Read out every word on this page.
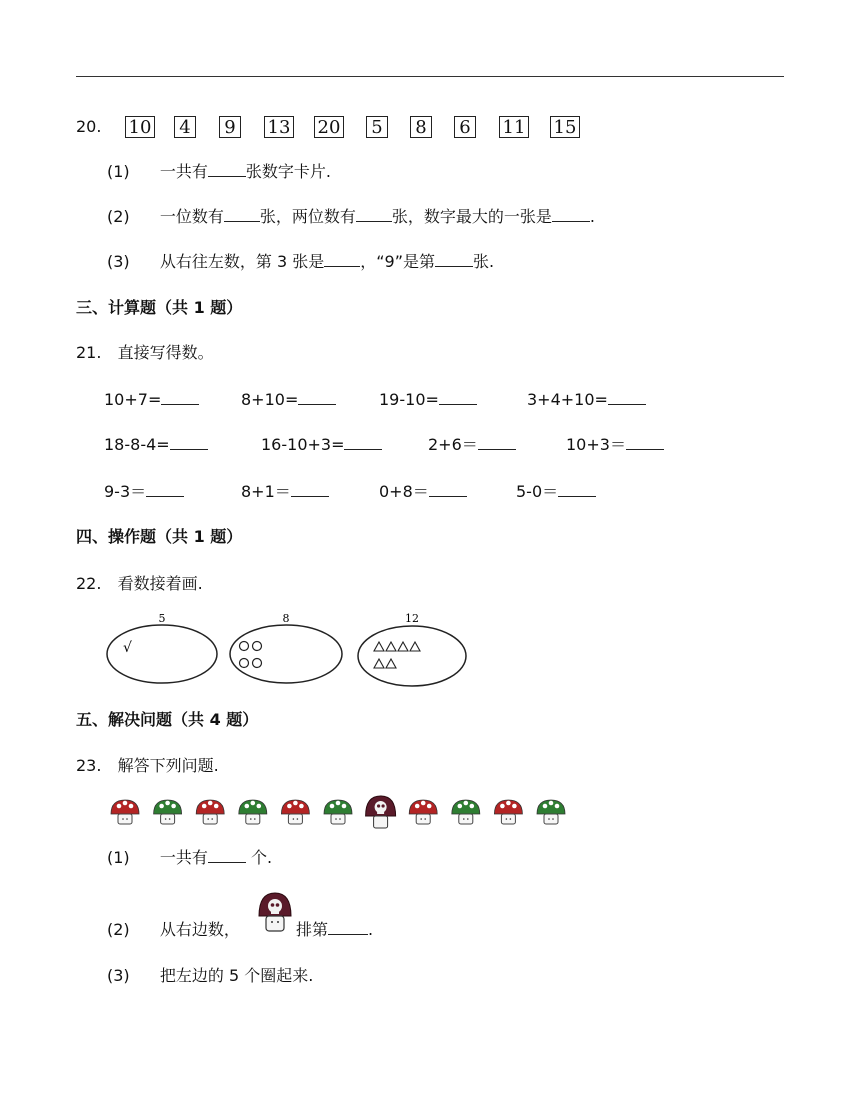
20. 10 4 9 13 20 5 8 6 11 15
(1) 一共有 张数字卡片.
(2) 一位数有 张，两位数有 张，数字最大的一张是 .
(3) 从右往左数，第 3 张是 ，“9”是第 张.
三、计算题（共 1 题）
21. 直接写得数。
10+7=	8+10=	19-10=	3+4+10=
18-8-4=	16-10+3=	2+6＝	10+3＝
9-3＝	8+1＝	0+8＝	5-0＝
四、操作题（共 1 题）
22. 看数接着画.
5
√
8	12
五、解决问题（共 4 题）
23. 解答下列问题.
(1) 一共有 个.
(2) 从右边数，	排第	.
(3) 把左边的 5 个圈起来.
